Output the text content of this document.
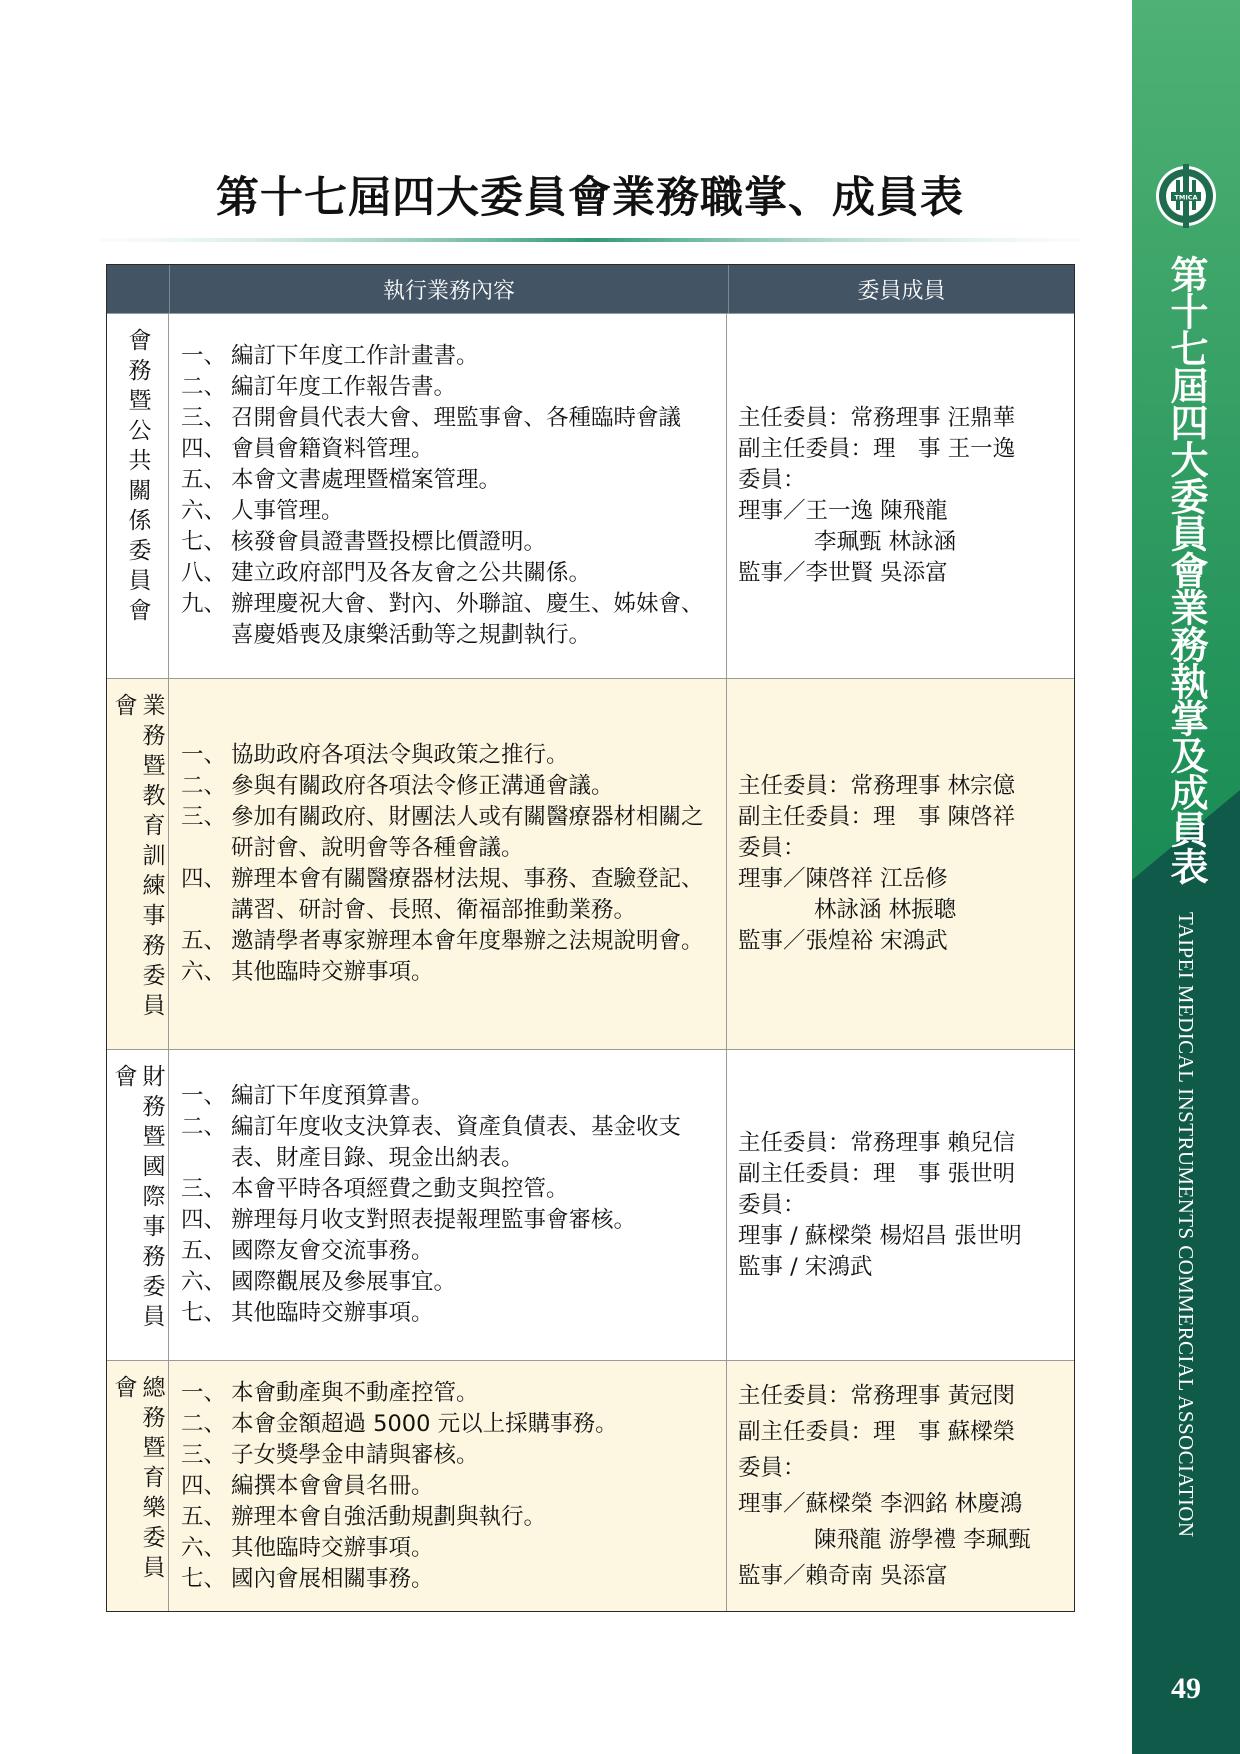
TMICA
第十七屆四大委員會業務執掌及成員表
TAIPEI MEDICAL INSTRUMENTS COMMERCIAL ASSOCIATION
49
第十七屆四大委員會業務職掌、成員表
執行業務內容	委員成員
會務暨公共關係委員會 一、 編訂下年度工作計畫書。
二、 編訂年度工作報告書。
三、 召開會員代表大會、理監事會、各種臨時會議
四、 會員會籍資料管理。
五、 本會文書處理暨檔案管理。
六、 人事管理。
七、 核發會員證書暨投標比價證明。
八、 建立政府部門及各友會之公共關係。
九、 辦理慶祝大會、對內、外聯誼、慶生、姊妹會、喜慶婚喪及康樂活動等之規劃執行。
主任委員：常務理事 汪鼎華
副主任委員：理　事 王一逸
委員：
理事／王一逸 陳飛龍
李珮甄 林詠涵
監事／李世賢 吳添富
業務暨教育訓練事務委員會
一、 協助政府各項法令與政策之推行。
二、 參與有關政府各項法令修正溝通會議。
三、 參加有關政府、財團法人或有關醫療器材相關之研討會、說明會等各種會議。
四、 辦理本會有關醫療器材法規、事務、查驗登記、講習、研討會、長照、衛福部推動業務。
五、 邀請學者專家辦理本會年度舉辦之法規說明會。
六、 其他臨時交辦事項。
主任委員：常務理事 林宗億
副主任委員：理　事 陳啓祥
委員：
理事／陳啓祥 江岳修
林詠涵 林振聰
監事／張煌裕 宋鴻武
財務暨國際事務委員會
一、 編訂下年度預算書。
二、 編訂年度收支決算表、資產負債表、基金收支表、財產目錄、現金出納表。
三、 本會平時各項經費之動支與控管。
四、 辦理每月收支對照表提報理監事會審核。
五、 國際友會交流事務。
六、 國際觀展及參展事宜。
七、 其他臨時交辦事項。
主任委員：常務理事 賴兒信
副主任委員：理　事 張世明
委員：
理事 / 蘇樑榮 楊炤昌 張世明
監事 / 宋鴻武
總務暨育樂委員會	一、 本會動產與不動產控管。
二、 本會金額超過 5000 元以上採購事務。
三、 子女獎學金申請與審核。
四、 編撰本會會員名冊。
五、 辦理本會自強活動規劃與執行。
六、 其他臨時交辦事項。
七、 國內會展相關事務。
主任委員：常務理事 黃冠閔
副主任委員：理　事 蘇樑榮
委員：
理事／蘇樑榮 李泗銘 林慶鴻
陳飛龍 游學禮 李珮甄
監事／賴奇南 吳添富
